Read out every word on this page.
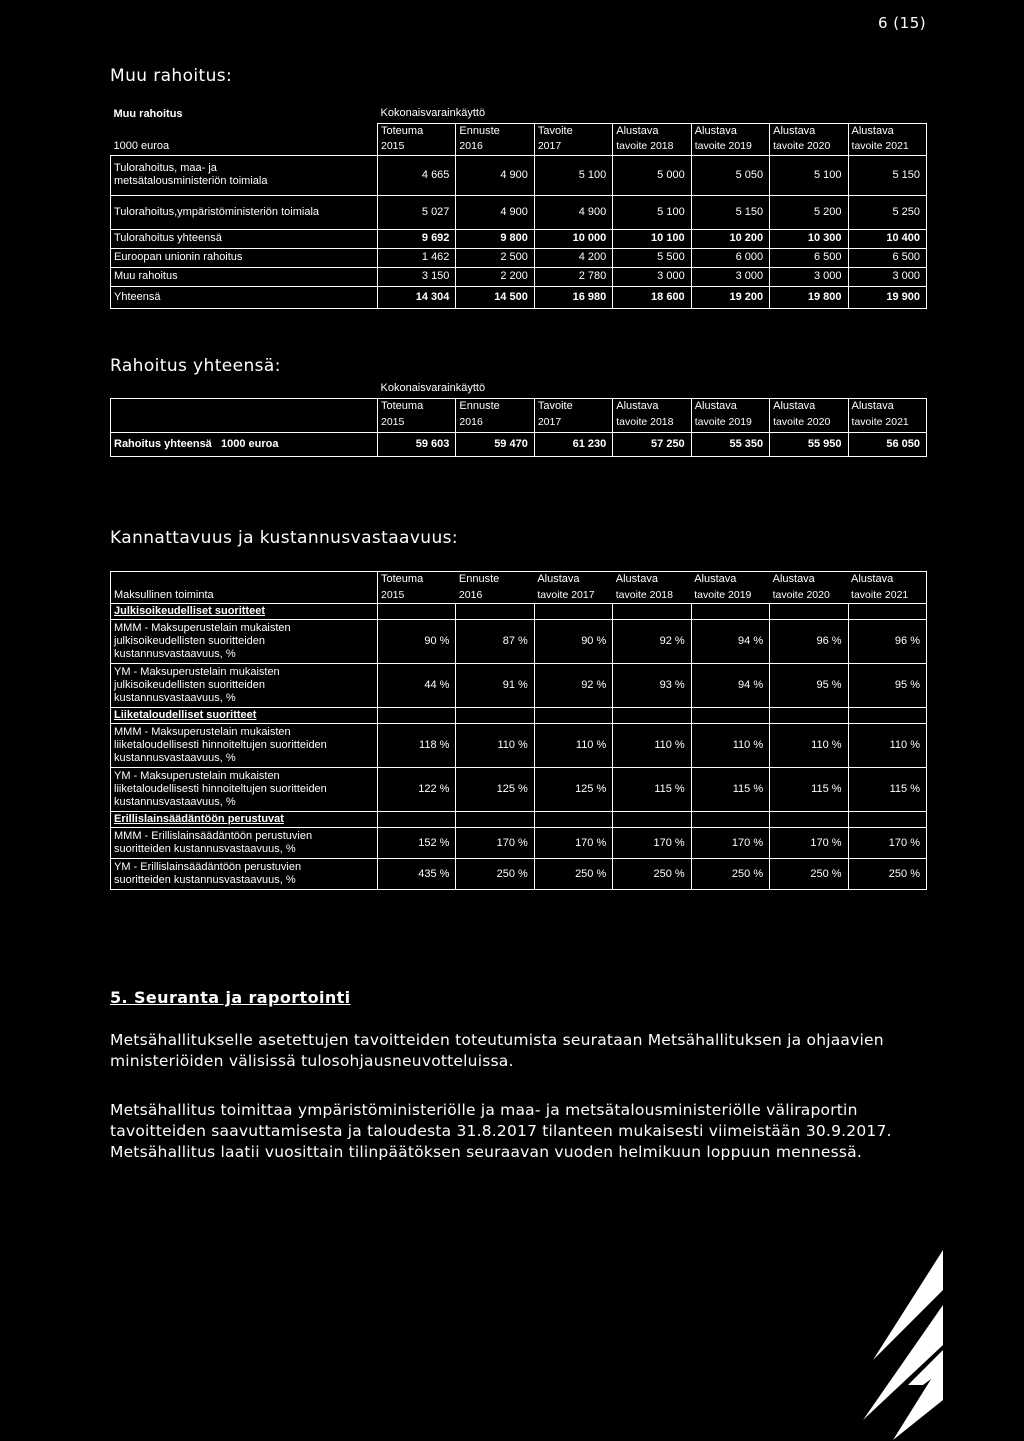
6 (15)
Muu rahoitus:
Muu rahoitus	Kokonaisvarainkäyttö						
	Toteuma	Ennuste	Tavoite	Alustava	Alustava	Alustava	Alustava
1000 euroa	2015	2016	2017	tavoite 2018	tavoite 2019	tavoite 2020	tavoite 2021

Tulorahoitus, maa- ja
metsätalousministeriön toimiala	4 665	4 900	5 100	5 000	5 050	5 100	5 150
Tulorahoitus,ympäristöministeriön toimiala	5 027	4 900	4 900	5 100	5 150	5 200	5 250
Tulorahoitus yhteensä	9 692	9 800	10 000	10 100	10 200	10 300	10 400
Euroopan unionin rahoitus	1 462	2 500	4 200	5 500	6 000	6 500	6 500
Muu rahoitus	3 150	2 200	2 780	3 000	3 000	3 000	3 000
Yhteensä	14 304	14 500	16 980	18 600	19 200	19 800	19 900
Rahoitus yhteensä:
	Kokonaisvarainkäyttö						
	Toteuma	Ennuste	Tavoite	Alustava	Alustava	Alustava	Alustava
	2015	2016	2017	tavoite 2018	tavoite 2019	tavoite 2020	tavoite 2021
Rahoitus yhteensä   1000 euroa	59 603	59 470	61 230	57 250	55 350	55 950	56 050
Kannattavuus ja kustannusvastaavuus:
	Toteuma	Ennuste	Alustava	Alustava	Alustava	Alustava	Alustava
Maksullinen toiminta	2015	2016	tavoite 2017	tavoite 2018	tavoite 2019	tavoite 2020	tavoite 2021
Julkisoikeudelliset suoritteet							

MMM - Maksuperustelain mukaisten
julkisoikeudellisten suoritteiden
kustannusvastaavuus, %	90 %	87 %	90 %	92 %	94 %	96 %	96 %

YM - Maksuperustelain mukaisten
julkisoikeudellisten suoritteiden
kustannusvastaavuus, %	44 %	91 %	92 %	93 %	94 %	95 %	95 %
Liiketaloudelliset suoritteet							

MMM - Maksuperustelain mukaisten
liiketaloudellisesti hinnoiteltujen suoritteiden
kustannusvastaavuus, %	118 %	110 %	110 %	110 %	110 %	110 %	110 %

YM - Maksuperustelain mukaisten
liiketaloudellisesti hinnoiteltujen suoritteiden
kustannusvastaavuus, %	122 %	125 %	125 %	115 %	115 %	115 %	115 %
Erillislainsäädäntöön perustuvat							

MMM - Erillislainsäädäntöön perustuvien
suoritteiden kustannusvastaavuus, %	152 %	170 %	170 %	170 %	170 %	170 %	170 %

YM - Erillislainsäädäntöön perustuvien
suoritteiden kustannusvastaavuus, %	435 %	250 %	250 %	250 %	250 %	250 %	250 %
5. Seuranta ja raportointi
Metsähallitukselle asetettujen tavoitteiden toteutumista seurataan Metsähallituksen ja ohjaavien
ministeriöiden välisissä tulosohjausneuvotteluissa.
Metsähallitus toimittaa ympäristöministeriölle ja maa- ja metsätalousministeriölle väliraportin
tavoitteiden saavuttamisesta ja taloudesta 31.8.2017 tilanteen mukaisesti viimeistään 30.9.2017.
Metsähallitus laatii vuosittain tilinpäätöksen seuraavan vuoden helmikuun loppuun mennessä.
